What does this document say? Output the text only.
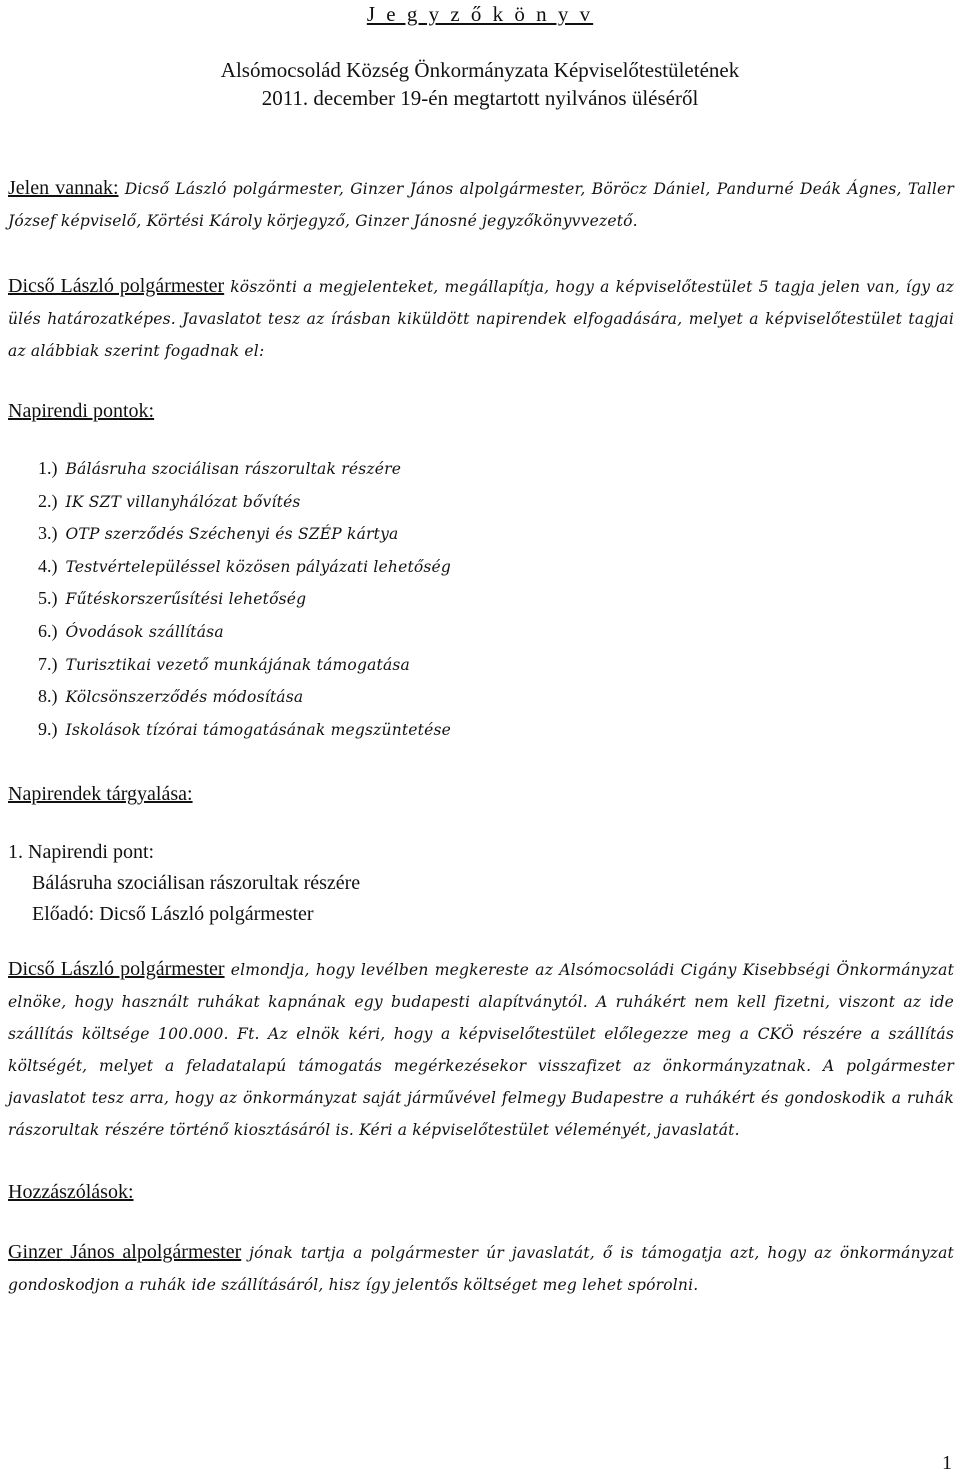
J e g y z ő k ö n y v
Alsómocsolád Község Önkormányzata Képviselőtestületének
2011. december 19-én megtartott nyilvános üléséről
Jelen vannak: Dicső László polgármester, Ginzer János alpolgármester, Böröcz Dániel, Pandurné Deák Ágnes, Taller József képviselő, Körtési Károly körjegyző, Ginzer Jánosné jegyzőkönyvvezető.
Dicső László polgármester köszönti a megjelenteket, megállapítja, hogy a képviselőtestület 5 tagja jelen van, így az ülés határozatképes. Javaslatot tesz az írásban kiküldött napirendek elfogadására, melyet a képviselőtestület tagjai az alábbiak szerint fogadnak el:
Napirendi pontok:
1.) Bálásruha szociálisan rászorultak részére
2.) IK SZT villanyhálózat bővítés
3.) OTP szerződés Széchenyi és SZÉP kártya
4.) Testvértelepüléssel közösen pályázati lehetőség
5.) Fűtéskorszerűsítési lehetőség
6.) Óvodások szállítása
7.) Turisztikai vezető munkájának támogatása
8.) Kölcsönszerződés módosítása
9.) Iskolások tízórai támogatásának megszüntetése
Napirendek tárgyalása:
1. Napirendi pont:
Bálásruha szociálisan rászorultak részére
Előadó: Dicső László polgármester
Dicső László polgármester elmondja, hogy levélben megkereste az Alsómocsoládi Cigány Kisebbségi Önkormányzat elnöke, hogy használt ruhákat kapnának egy budapesti alapítványtól. A ruhákért nem kell fizetni, viszont az ide szállítás költsége 100.000. Ft. Az elnök kéri, hogy a képviselőtestület előlegezze meg a CKÖ részére a szállítás költségét, melyet a feladatalapú támogatás megérkezésekor visszafizet az önkormányzatnak. A polgármester javaslatot tesz arra, hogy az önkormányzat saját járművével felmegy Budapestre a ruhákért és gondoskodik a ruhák rászorultak részére történő kiosztásáról is. Kéri a képviselőtestület véleményét, javaslatát.
Hozzászólások:
Ginzer János alpolgármester jónak tartja a polgármester úr javaslatát, ő is támogatja azt, hogy az önkormányzat gondoskodjon a ruhák ide szállításáról, hisz így jelentős költséget meg lehet spórolni.
1
